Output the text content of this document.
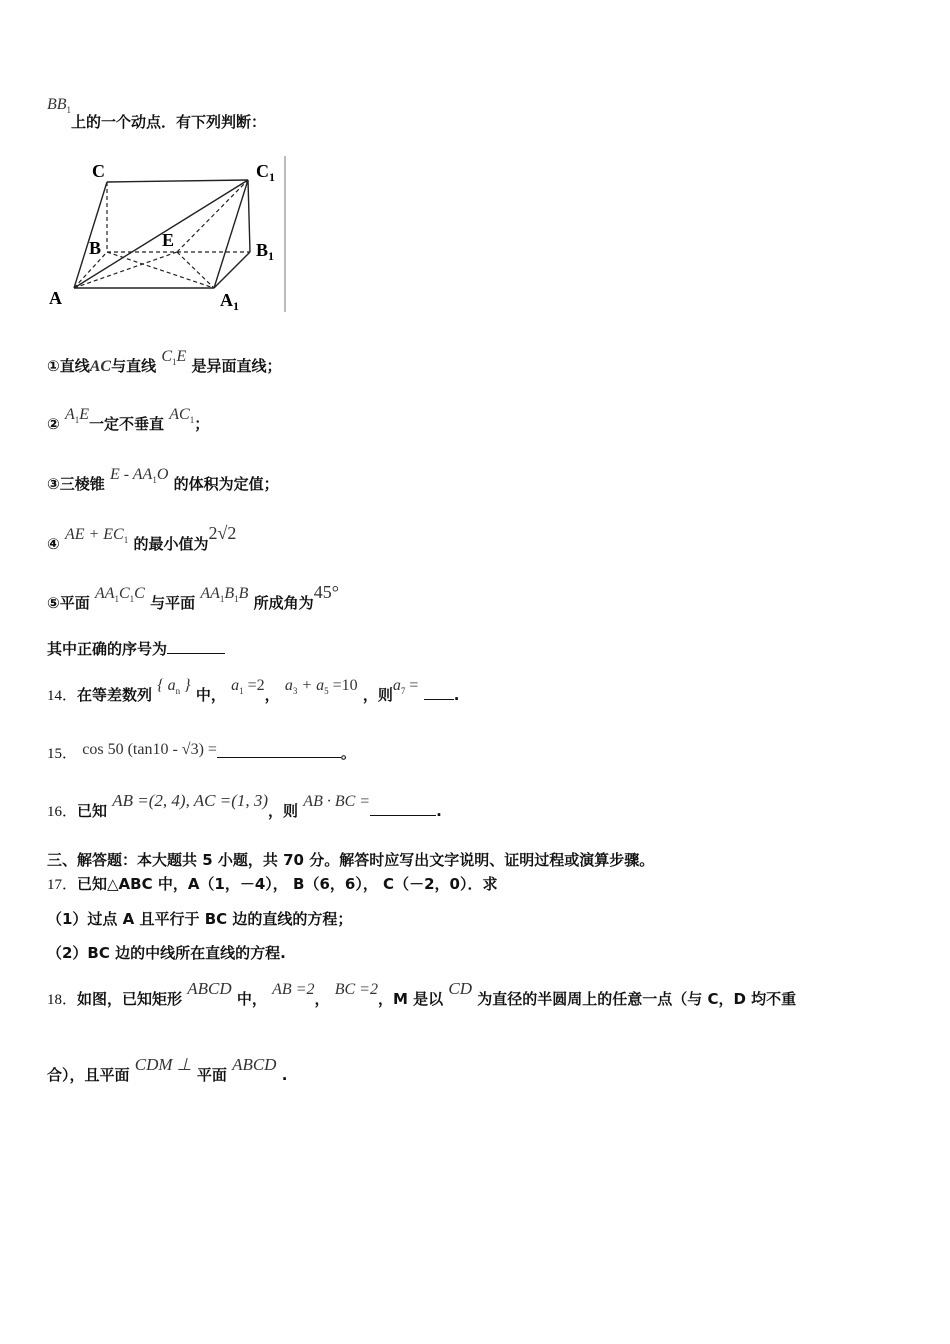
$BB_1$上的一个动点．有下列判断：
C	$C_1$
B	E	$B_1$
A	$A_1$
①直线AC与直线 $C_1E$ 是异面直线；
② $A_1E$一定不垂直 $AC_1$；
③三棱锥 E - $AA_1O$ 的体积为定值；
④ AE + $EC_1$ 的最小值为2√2
⑤平面 $AA_1C_1C$ 与平面 $AA_1B_1B$ 所成角为45°
其中正确的序号为
14．在等差数列 { $a_n$ } 中， $a_1 =2$， $a_3 + a_5 =10$ ，则$a_7$ = .
15． cos 50 (tan10 - √3) =	。
16．已知 AB =(2, 4), AC =(1, 3)，则 AB · BC =.
三、解答题：本大题共 5 小题，共 70 分。解答时应写出文字说明、证明过程或演算步骤。
17．已知△ABC 中，A（1，－4）， B（6，6）， C（－2，0）．求
（1）过点 A 且平行于 BC 边的直线的方程；
（2）BC 边的中线所在直线的方程.
18．如图，已知矩形 ABCD 中， AB =2， BC =2，M 是以 CD 为直径的半圆周上的任意一点（与 C，D 均不重
合），且平面 CDM ⊥ 平面 ABCD .
